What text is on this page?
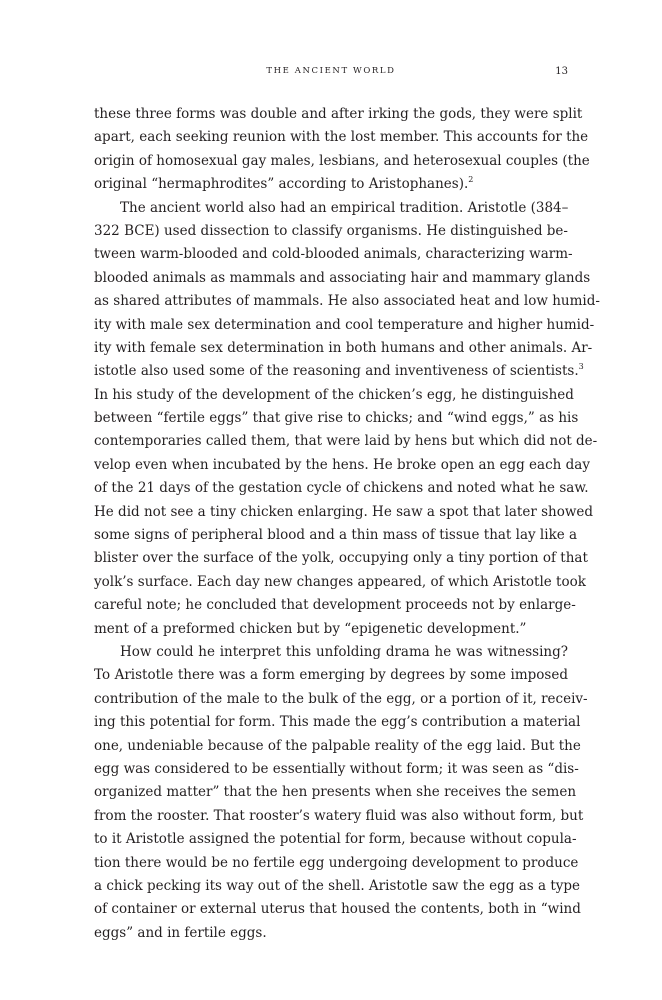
THE ANCIENT WORLD	13

these three forms was double and after irking the gods, they were split
apart, each seeking reunion with the lost member. This accounts for the
origin of homosexual gay males, lesbians, and heterosexual couples (the
original “hermaphrodites” according to Aristophanes).$^2$

The ancient world also had an empirical tradition. Aristotle (384–
322 BCE) used dissection to classify organisms. He distinguished be-
tween warm-blooded and cold-blooded animals, characterizing warm-
blooded animals as mammals and associating hair and mammary glands
as shared attributes of mammals. He also associated heat and low humid-
ity with male sex determination and cool temperature and higher humid-
ity with female sex determination in both humans and other animals. Ar-
istotle also used some of the reasoning and inventiveness of scientists.$^3$
In his study of the development of the chicken’s egg, he distinguished
between “fertile eggs” that give rise to chicks; and “wind eggs,” as his
contemporaries called them, that were laid by hens but which did not de-
velop even when incubated by the hens. He broke open an egg each day
of the 21 days of the gestation cycle of chickens and noted what he saw.
He did not see a tiny chicken enlarging. He saw a spot that later showed
some signs of peripheral blood and a thin mass of tissue that lay like a
blister over the surface of the yolk, occupying only a tiny portion of that
yolk’s surface. Each day new changes appeared, of which Aristotle took
careful note; he concluded that development proceeds not by enlarge-
ment of a preformed chicken but by “epigenetic development.”

How could he interpret this unfolding drama he was witnessing?
To Aristotle there was a form emerging by degrees by some imposed
contribution of the male to the bulk of the egg, or a portion of it, receiv-
ing this potential for form. This made the egg’s contribution a material
one, undeniable because of the palpable reality of the egg laid. But the
egg was considered to be essentially without form; it was seen as “dis-
organized matter” that the hen presents when she receives the semen
from the rooster. That rooster’s watery fluid was also without form, but
to it Aristotle assigned the potential for form, because without copula-
tion there would be no fertile egg undergoing development to produce
a chick pecking its way out of the shell. Aristotle saw the egg as a type
of container or external uterus that housed the contents, both in “wind
eggs” and in fertile eggs.
